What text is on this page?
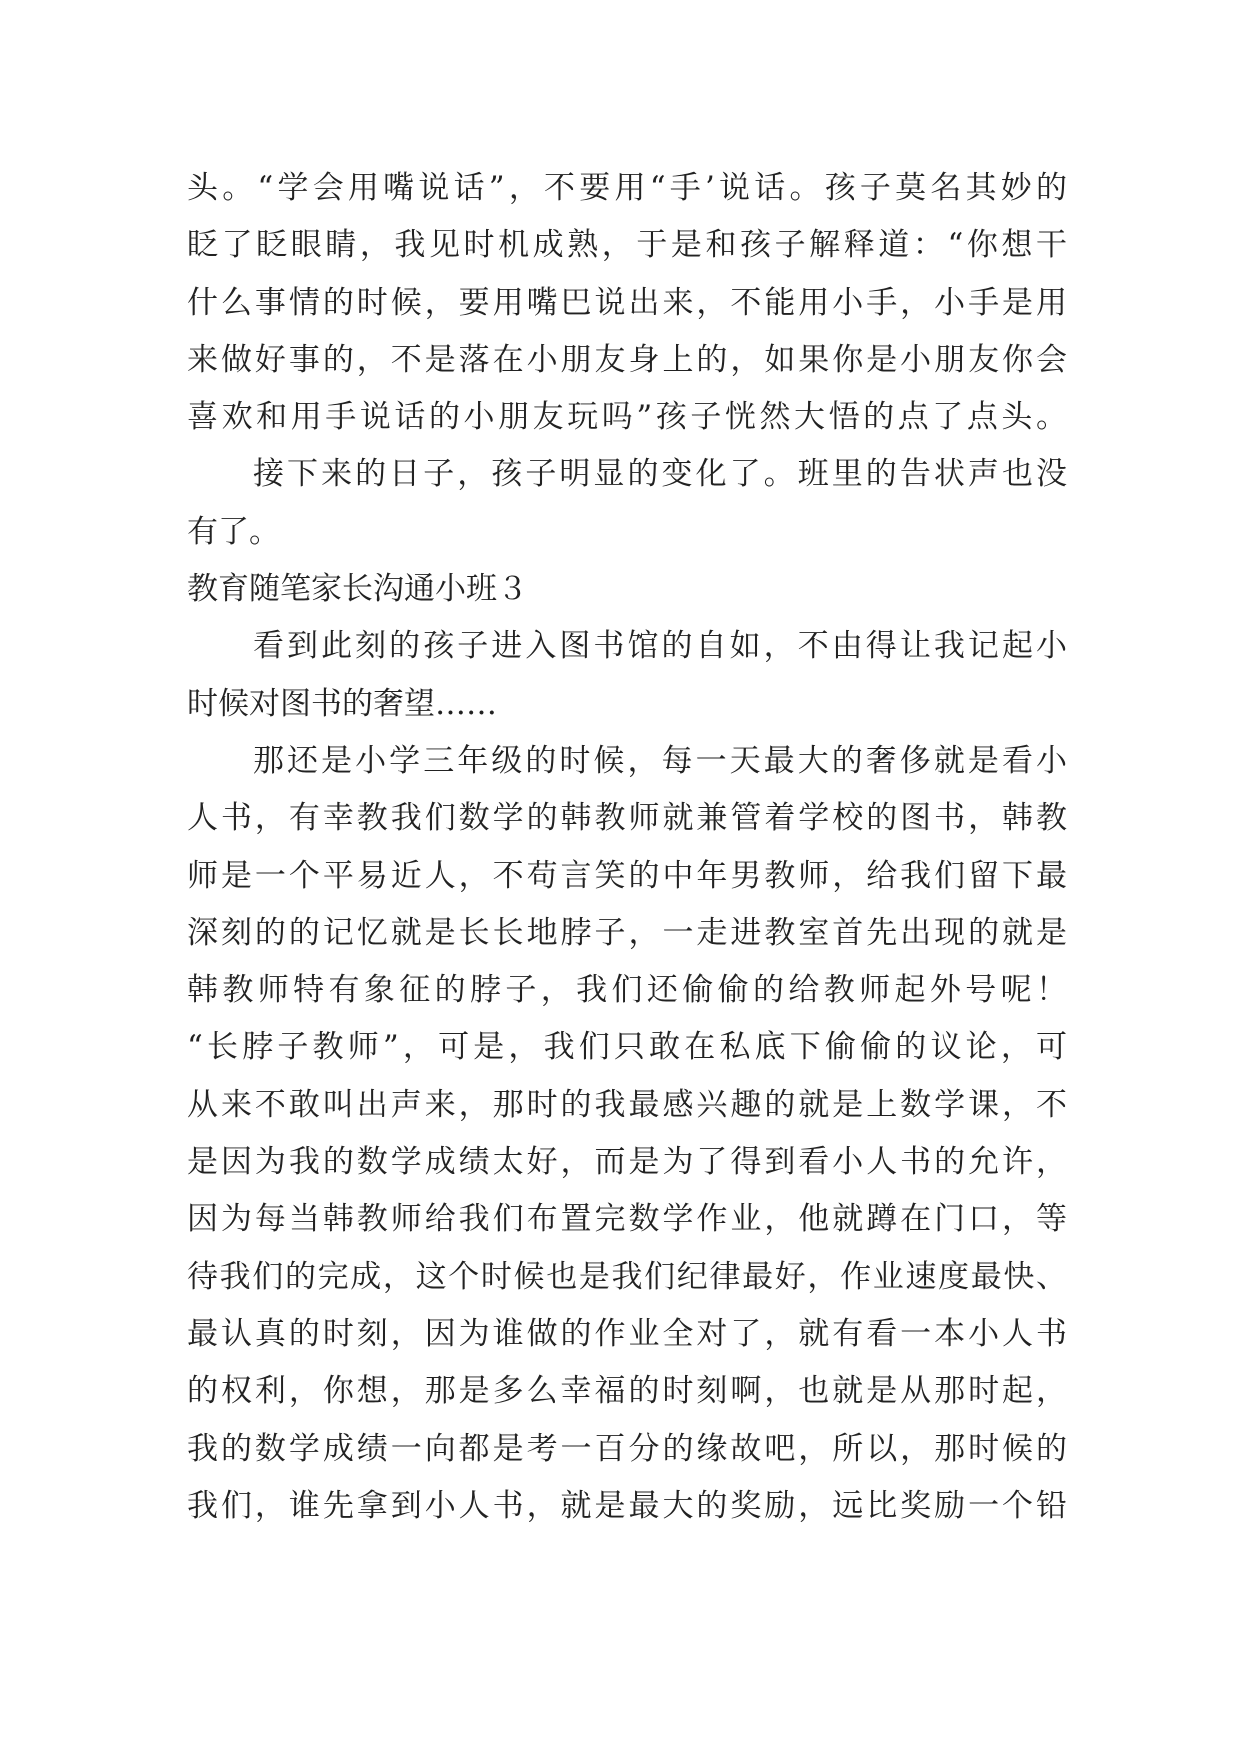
头。“学会用嘴说话”，不要用“手’说话。孩子莫名其妙的
眨了眨眼睛，我见时机成熟，于是和孩子解释道：“你想干
什么事情的时候，要用嘴巴说出来，不能用小手，小手是用
来做好事的，不是落在小朋友身上的，如果你是小朋友你会
喜欢和用手说话的小朋友玩吗”孩子恍然大悟的点了点头。
接下来的日子，孩子明显的变化了。班里的告状声也没
有了。
教育随笔家长沟通小班３
看到此刻的孩子进入图书馆的自如，不由得让我记起小
时候对图书的奢望……
那还是小学三年级的时候，每一天最大的奢侈就是看小
人书，有幸教我们数学的韩教师就兼管着学校的图书，韩教
师是一个平易近人，不苟言笑的中年男教师，给我们留下最
深刻的的记忆就是长长地脖子，一走进教室首先出现的就是
韩教师特有象征的脖子，我们还偷偷的给教师起外号呢！
“长脖子教师”，可是，我们只敢在私底下偷偷的议论，可
从来不敢叫出声来，那时的我最感兴趣的就是上数学课，不
是因为我的数学成绩太好，而是为了得到看小人书的允许，
因为每当韩教师给我们布置完数学作业，他就蹲在门口，等
待我们的完成，这个时候也是我们纪律最好，作业速度最快、
最认真的时刻，因为谁做的作业全对了，就有看一本小人书
的权利，你想，那是多么幸福的时刻啊，也就是从那时起，
我的数学成绩一向都是考一百分的缘故吧，所以，那时候的
我们，谁先拿到小人书，就是最大的奖励，远比奖励一个铅
